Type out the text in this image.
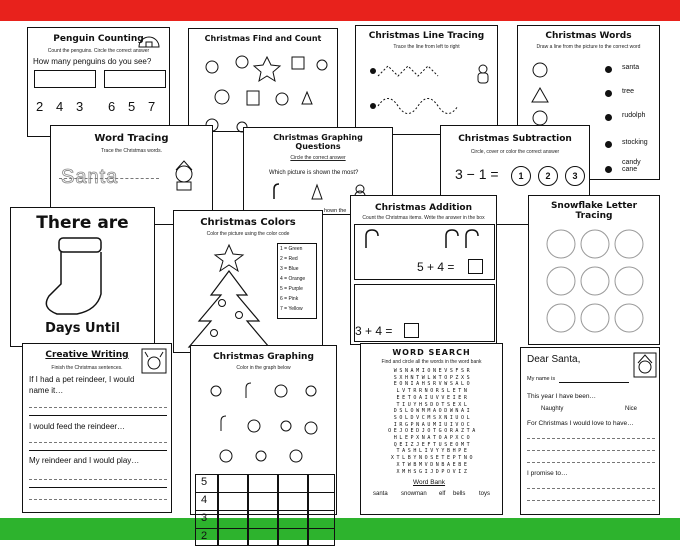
Penguin Counting
Count the penguins. Circle the correct answer
How many penguins do you see?
2 4 3 6 5 7
Christmas Find and Count	Christmas Line Tracing
Trace the line from left to right
Christmas Words
Draw a line from the picture to the correct word
santa
tree
rudolph
stocking
candy cane
Word Tracing
Trace the Christmas words.
Santa
Christmas Graphing Questions
Circle the correct answer
Which picture is shown the most?
hown the
Christmas Subtraction
Circle, cover or color the correct answer
3 − 1 =	1	2	3
There are
Days Until
Christmas Colors
Color the picture using the color code
1 = Green
2 = Red
3 = Blue
4 = Orange
5 = Purple
6 = Pink
7 = Yellow
Christmas Addition
Count the Christmas items. Write the answer in the box
5 + 4 =
3 + 4 =
Snowflake Letter Tracing
Creative Writing
Finish the Christmas sentences.
If I had a pet reindeer, I would name it…
I would feed the reindeer…
My reindeer and I would play…
Christmas Graphing
Color in the graph below
5
4
3
2
WORD SEARCH
Find and circle all the words in the word bank
WSNAMIONEVSFSR
SXHNTWLWTOPZXS
EONIAHSRVWSALO
LVTRRNORSLETN
EETOAIUVVEIER
TIUYHSDOTSEXL
DSLOWMMAODWNAI
SOLDVCMSXNIUOL
IRGPNAUMIUIVOC
OEJOEDJOTGORAZTA
HLEPXNATOAPXCO
QEIZJEFTUSEOMT
TASHLIVYYBHPE
XTLBYNOSETEPTNO
XTWBMVDNBAEBE
XMHSGIJDPOVIZ
Word Bank
santa snowman elf bells toys
Dear Santa,
My name is
This year I have been…
Naughty	Nice
For Christmas I would love to have…
I promise to…
